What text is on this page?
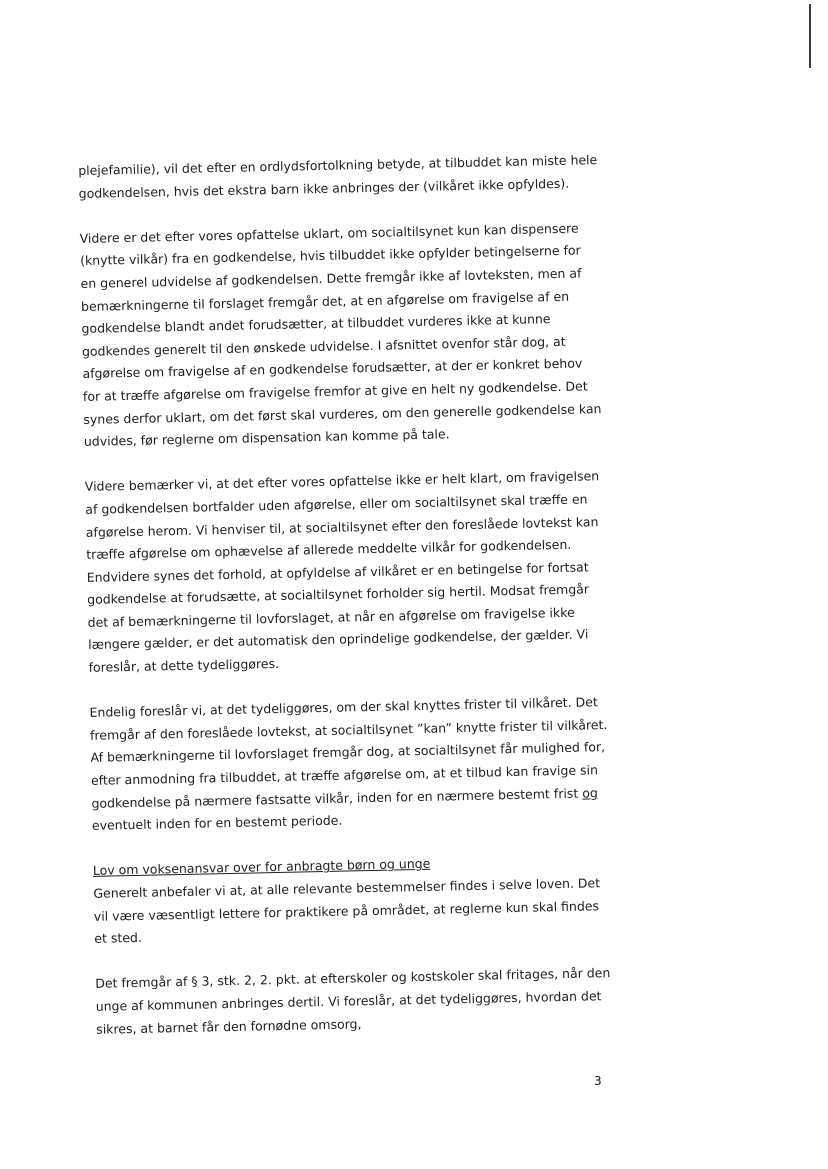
plejefamilie), vil det efter en ordlydsfortolkning betyde, at tilbuddet kan miste hele godkendelsen, hvis det ekstra barn ikke anbringes der (vilkåret ikke opfyldes).

Videre er det efter vores opfattelse uklart, om socialtilsynet kun kan dispensere (knytte vilkår) fra en godkendelse, hvis tilbuddet ikke opfylder betingelserne for en generel udvidelse af godkendelsen. Dette fremgår ikke af lovteksten, men af bemærkningerne til forslaget fremgår det, at en afgørelse om fravigelse af en godkendelse blandt andet forudsætter, at tilbuddet vurderes ikke at kunne godkendes generelt til den ønskede udvidelse. I afsnittet ovenfor står dog, at afgørelse om fravigelse af en godkendelse forudsætter, at der er konkret behov for at træffe afgørelse om fravigelse fremfor at give en helt ny godkendelse. Det synes derfor uklart, om det først skal vurderes, om den generelle godkendelse kan udvides, før reglerne om dispensation kan komme på tale.

Videre bemærker vi, at det efter vores opfattelse ikke er helt klart, om fravigelsen af godkendelsen bortfalder uden afgørelse, eller om socialtilsynet skal træffe en afgørelse herom. Vi henviser til, at socialtilsynet efter den foreslåede lovtekst kan træffe afgørelse om ophævelse af allerede meddelte vilkår for godkendelsen. Endvidere synes det forhold, at opfyldelse af vilkåret er en betingelse for fortsat godkendelse at forudsætte, at socialtilsynet forholder sig hertil. Modsat fremgår det af bemærkningerne til lovforslaget, at når en afgørelse om fravigelse ikke længere gælder, er det automatisk den oprindelige godkendelse, der gælder. Vi foreslår, at dette tydeliggøres.

Endelig foreslår vi, at det tydeliggøres, om der skal knyttes frister til vilkåret. Det fremgår af den foreslåede lovtekst, at socialtilsynet ”kan” knytte frister til vilkåret. Af bemærkningerne til lovforslaget fremgår dog, at socialtilsynet får mulighed for, efter anmodning fra tilbuddet, at træffe afgørelse om, at et tilbud kan fravige sin godkendelse på nærmere fastsatte vilkår, inden for en nærmere bestemt frist og eventuelt inden for en bestemt periode.

Lov om voksenansvar over for anbragte børn og unge

Generelt anbefaler vi at, at alle relevante bestemmelser findes i selve loven. Det vil være væsentligt lettere for praktikere på området, at reglerne kun skal findes et sted.

Det fremgår af § 3, stk. 2, 2. pkt. at efterskoler og kostskoler skal fritages, når den unge af kommunen anbringes dertil. Vi foreslår, at det tydeliggøres, hvordan det sikres, at barnet får den fornødne omsorg,

3
